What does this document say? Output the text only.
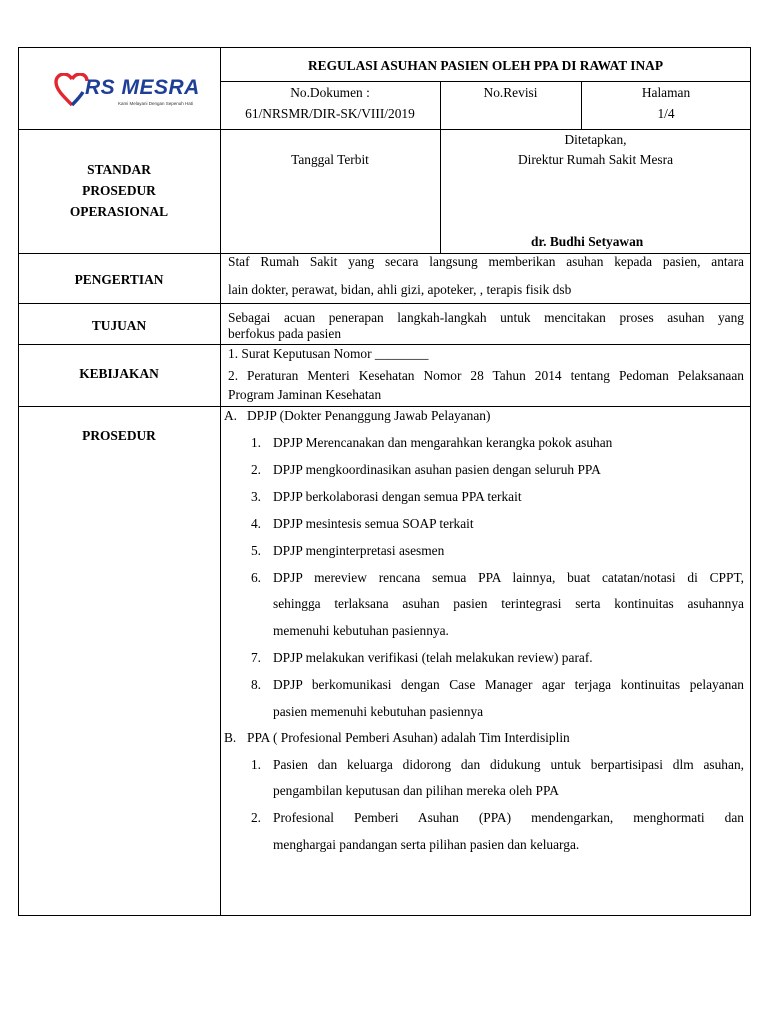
RS MESRA
Kami Melayani Dengan Sepenuh Hati
REGULASI ASUHAN PASIEN OLEH PPA DI RAWAT INAP
No.Dokumen :
61/NRSMR/DIR-SK/VIII/2019
No.Revisi	Halaman
1/4
STANDAR
PROSEDUR
OPERASIONAL
Tanggal Terbit
Ditetapkan,
Direktur Rumah Sakit Mesra
dr. Budhi Setyawan
PENGERTIAN
Staf Rumah Sakit yang secara langsung memberikan asuhan kepada pasien, antara
lain dokter, perawat, bidan, ahli gizi, apoteker, , terapis fisik dsb
TUJUAN
Sebagai acuan penerapan langkah-langkah untuk mencitakan proses asuhan yang
berfokus pada pasien
KEBIJAKAN
1. Surat Keputusan Nomor ________
2. Peraturan Menteri Kesehatan Nomor 28 Tahun 2014 tentang Pedoman Pelaksanaan
Program Jaminan Kesehatan
PROSEDUR
A. DPJP (Dokter Penanggung Jawab Pelayanan)
1. DPJP Merencanakan dan mengarahkan kerangka pokok asuhan
2. DPJP mengkoordinasikan asuhan pasien dengan seluruh PPA
3. DPJP berkolaborasi dengan semua PPA terkait
4. DPJP mesintesis semua SOAP terkait
5. DPJP menginterpretasi asesmen
6. DPJP mereview rencana semua PPA lainnya, buat catatan/notasi di CPPT,
sehingga terlaksana asuhan pasien terintegrasi serta kontinuitas asuhannya
memenuhi kebutuhan pasiennya.
7. DPJP melakukan verifikasi (telah melakukan review) paraf.
8. DPJP berkomunikasi dengan Case Manager agar terjaga kontinuitas pelayanan
pasien memenuhi kebutuhan pasiennya
B. PPA ( Profesional Pemberi Asuhan) adalah Tim Interdisiplin
1. Pasien dan keluarga didorong dan didukung untuk berpartisipasi dlm asuhan,
pengambilan keputusan dan pilihan mereka oleh PPA
2. Profesional Pemberi Asuhan (PPA) mendengarkan, menghormati dan
menghargai pandangan serta pilihan pasien dan keluarga.
